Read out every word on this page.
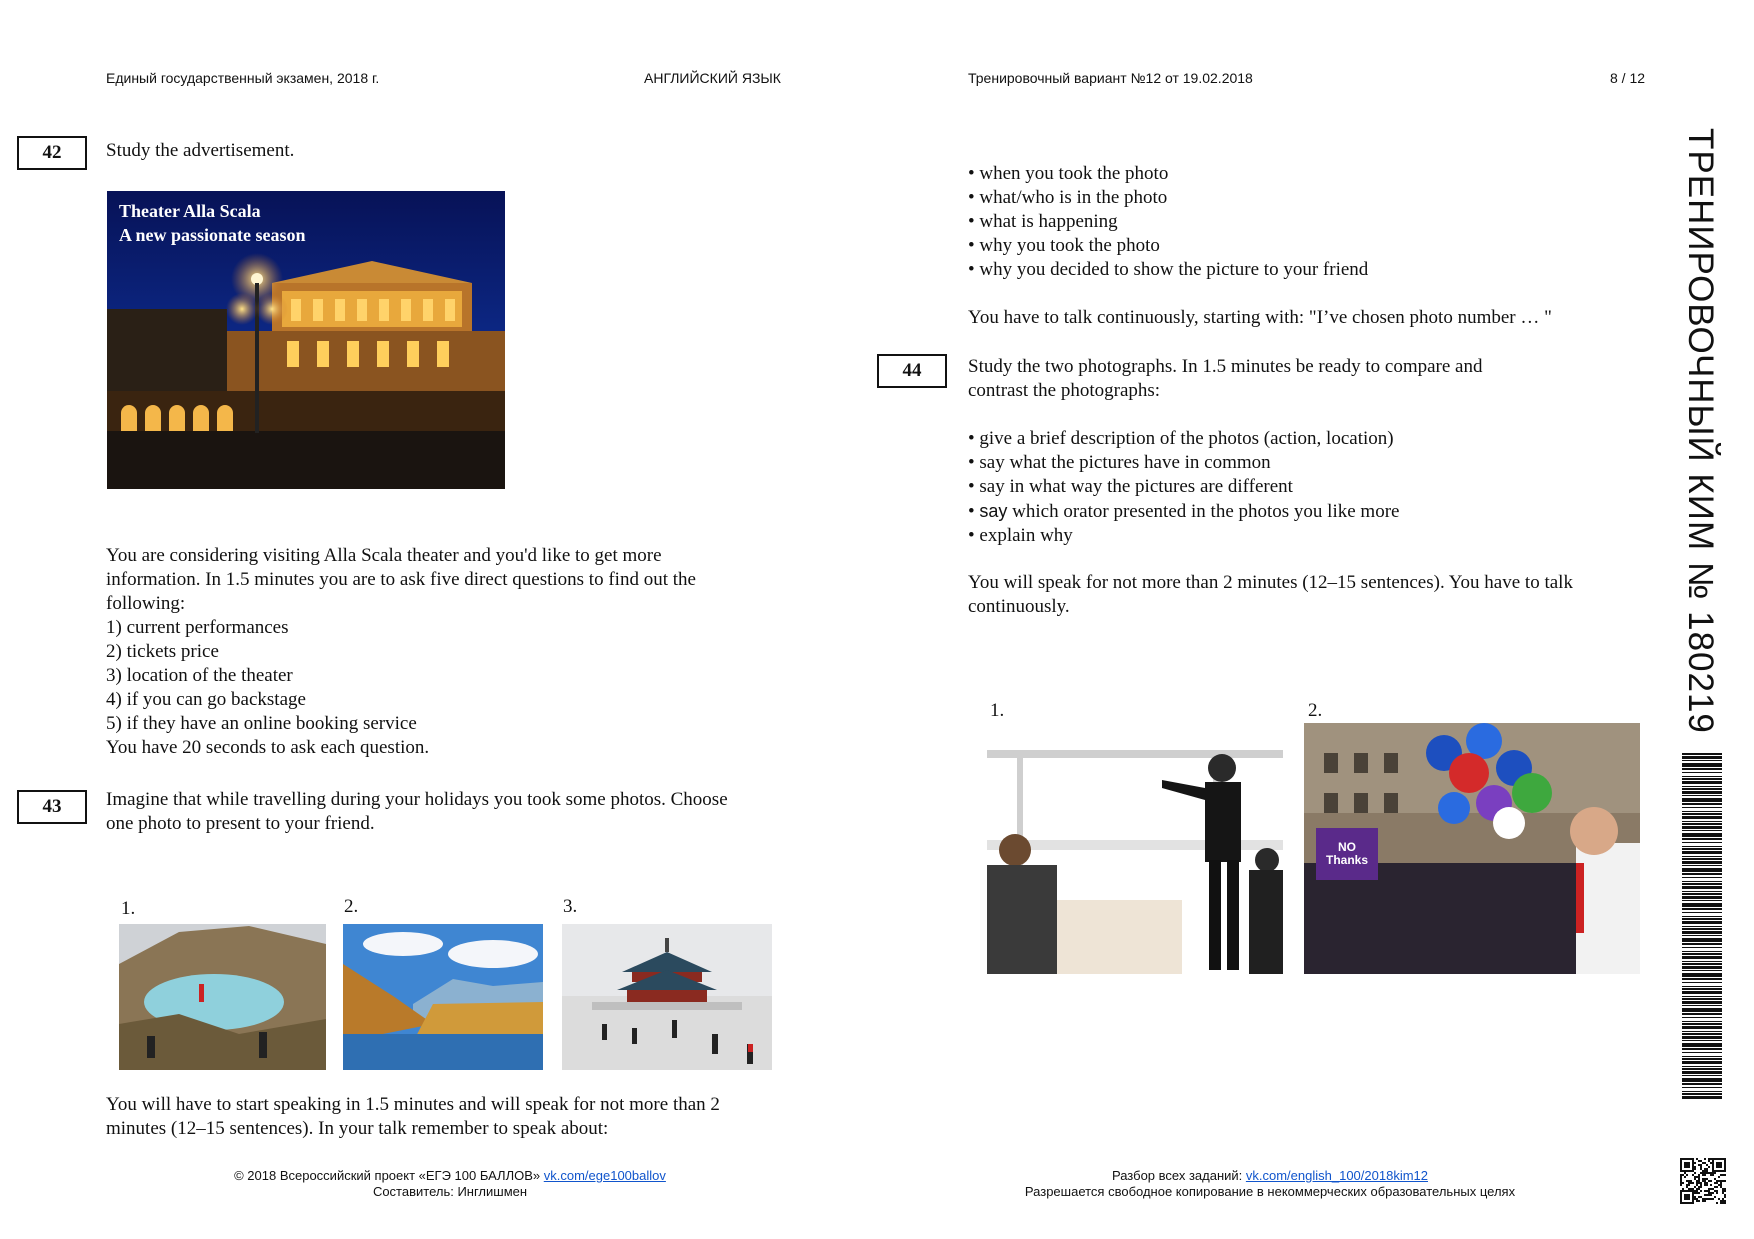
Единый государственный экзамен, 2018 г.	АНГЛИЙСКИЙ ЯЗЫК	Тренировочный вариант №12 от 19.02.2018	8 / 12
42	Study the advertisement.
Theater Alla Scala
A new passionate season
You are considering visiting Alla Scala theater and you'd like to get more
information. In 1.5 minutes you are to ask five direct questions to find out the
following:
1) current performances
2) tickets price
3) location of the theater
4) if you can go backstage
5) if they have an online booking service
You have 20 seconds to ask each question.
43	Imagine that while travelling during your holidays you took some photos. Choose
one photo to present to your friend.
1.	2.	3.
You will have to start speaking in 1.5 minutes and will speak for not more than 2
minutes (12–15 sentences). In your talk remember to speak about:
• when you took the photo
• what/who is in the photo
• what is happening
• why you took the photo
• why you decided to show the picture to your friend
You have to talk continuously, starting with: "I’ve chosen photo number … "
44	Study the two photographs. In 1.5 minutes be ready to compare and
contrast the photographs:
• give a brief description of the photos (action, location)
• say what the pictures have in common
• say in what way the pictures are different
• say which orator presented in the photos you like more
• explain why
You will speak for not more than 2 minutes (12–15 sentences). You have to talk
continuously.
1.	2.
NO Thanks
ТРЕНИРОВОЧНЫЙ КИМ № 180219
© 2018 Всероссийский проект «ЕГЭ 100 БАЛЛОВ» vk.com/ege100ballov
Составитель: Инглишмен
Разбор всех заданий: vk.com/english_100/2018kim12
Разрешается свободное копирование в некоммерческих образовательных целях
